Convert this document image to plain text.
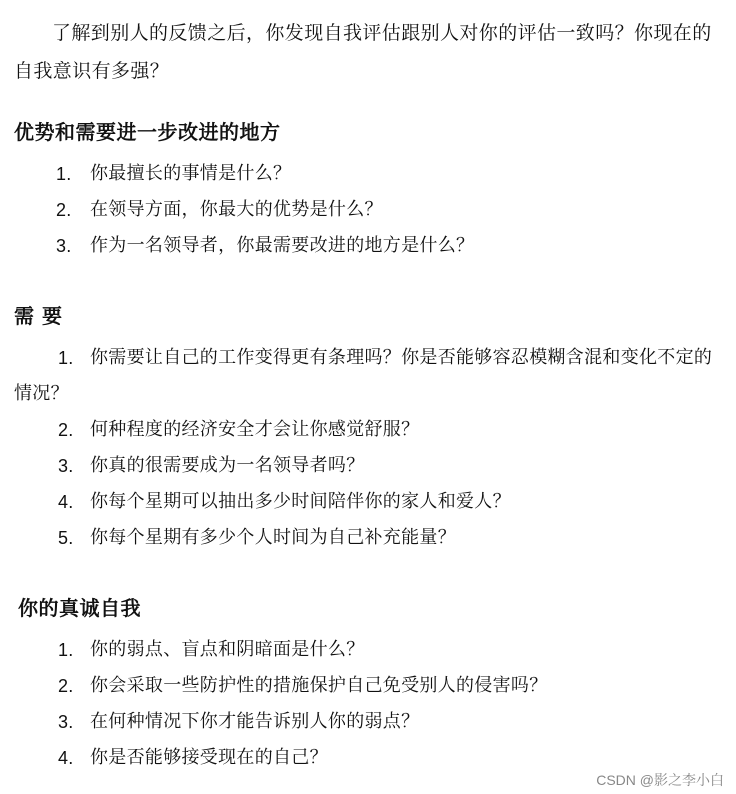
了解到别人的反馈之后，你发现自我评估跟别人对你的评估一致吗？你现在的自我意识有多强？

优势和需要进一步改进的地方
1.	你最擅长的事情是什么？
2.	在领导方面，你最大的优势是什么？
3.	作为一名领导者，你最需要改进的地方是什么？
需 要
1. 你需要让自己的工作变得更有条理吗？你是否能够容忍模糊含混和变化不定的情况？
2. 何种程度的经济安全才会让你感觉舒服？
3. 你真的很需要成为一名领导者吗？
4. 你每个星期可以抽出多少时间陪伴你的家人和爱人？
5. 你每个星期有多少个人时间为自己补充能量？
你的真诚自我
1. 你的弱点、盲点和阴暗面是什么？
2. 你会采取一些防护性的措施保护自己免受别人的侵害吗？
3. 在何种情况下你才能告诉别人你的弱点？
4. 你是否能够接受现在的自己？
CSDN @影之李小白
